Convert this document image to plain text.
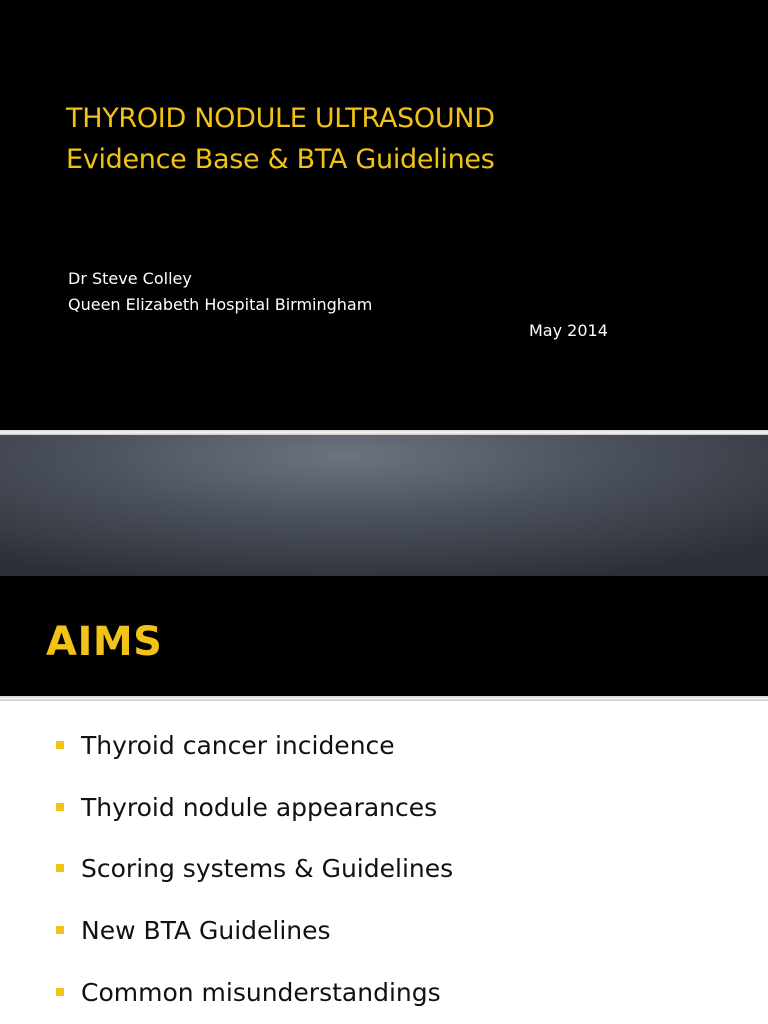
THYROID NODULE ULTRASOUND
Evidence Base & BTA Guidelines
Dr Steve Colley
Queen Elizabeth Hospital Birmingham
May 2014
AIMS
Thyroid cancer incidence
Thyroid nodule appearances
Scoring systems & Guidelines
New BTA Guidelines
Common misunderstandings
